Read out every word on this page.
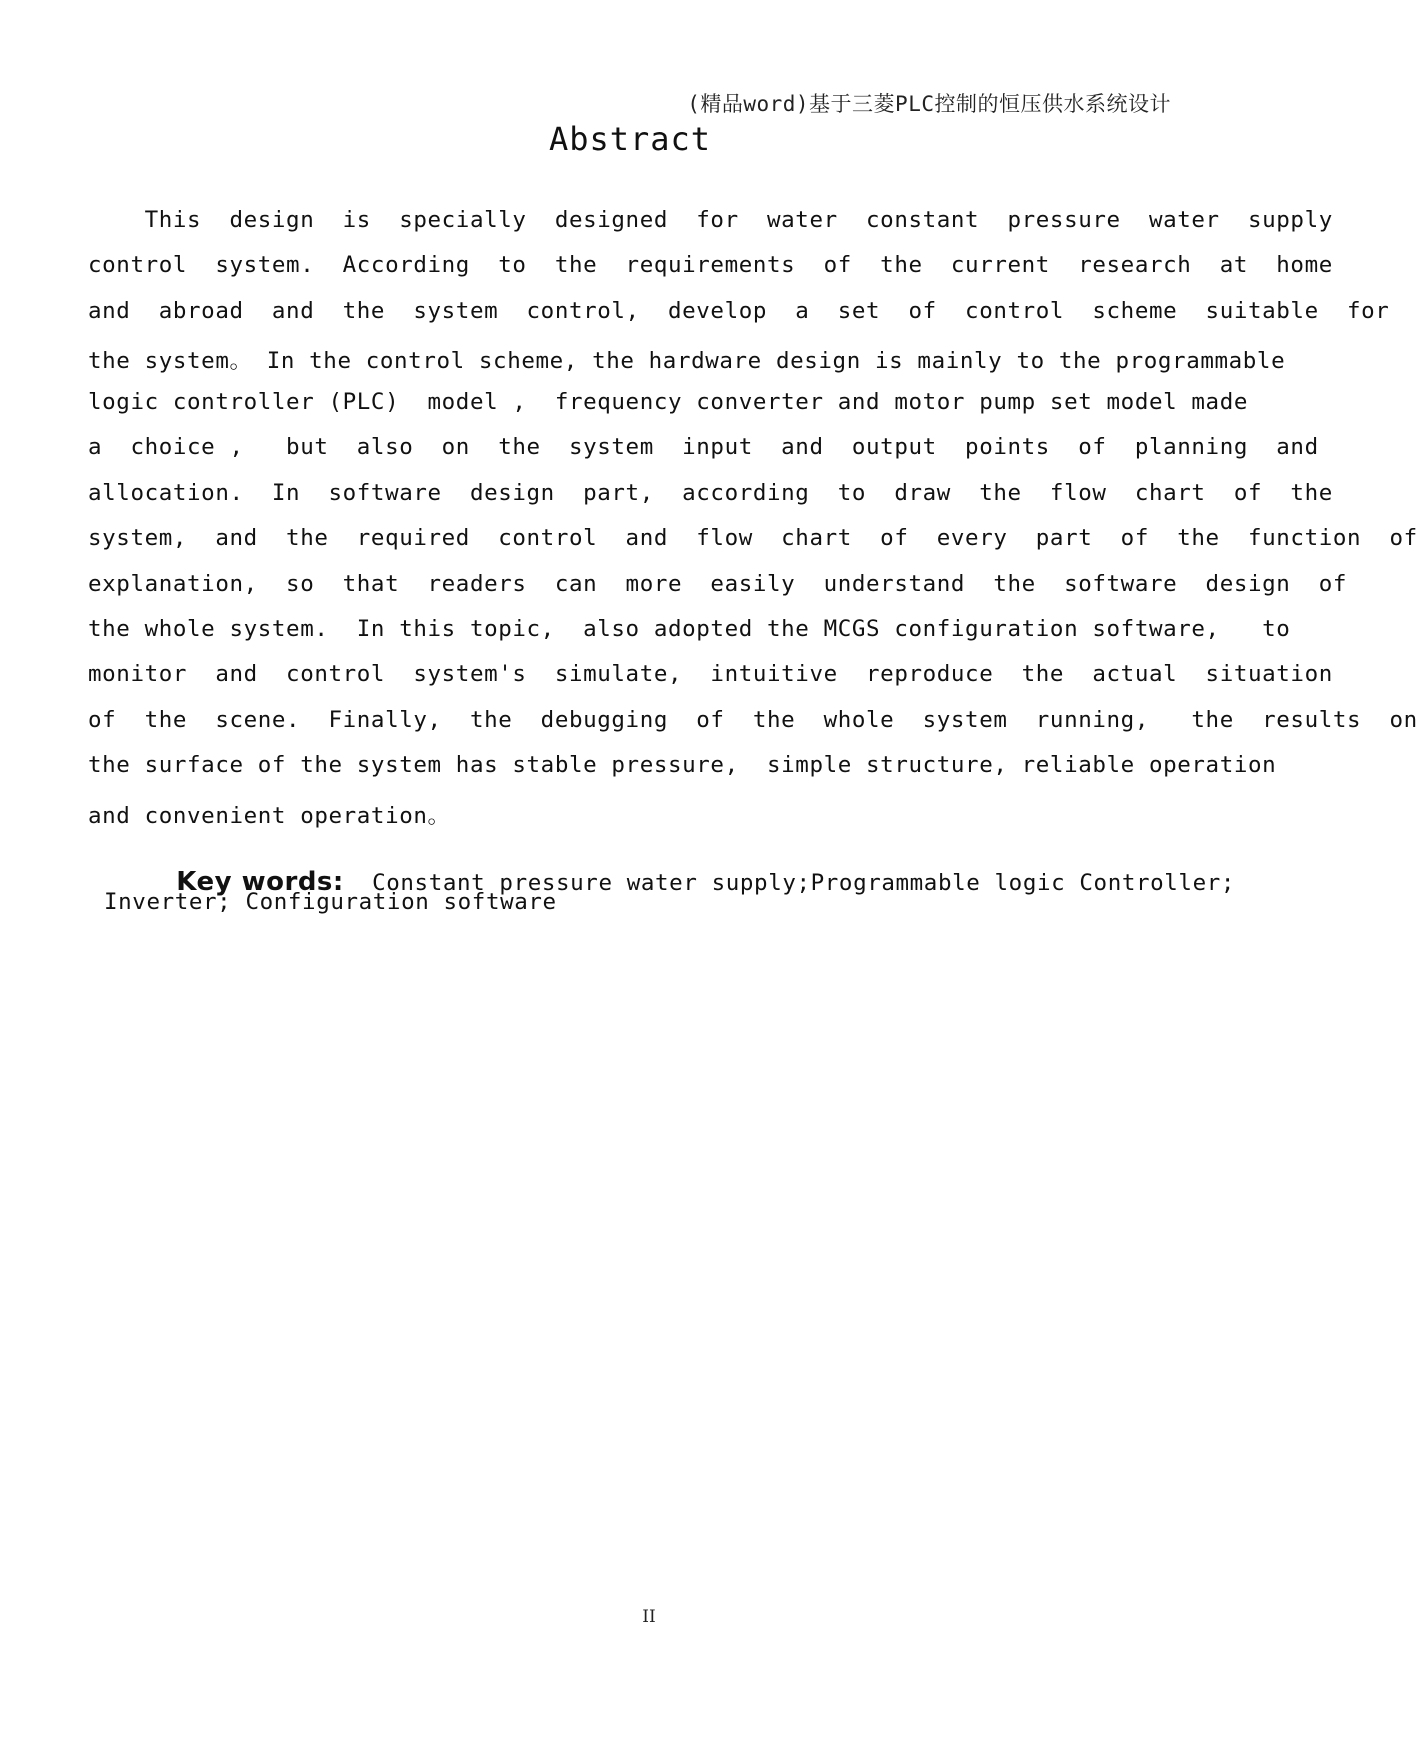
(精品word)基于三菱PLC控制的恒压供水系统设计
Abstract
This  design  is  specially  designed  for  water  constant  pressure  water  supply
control  system.  According  to  the  requirements  of  the  current  research  at  home
and  abroad  and  the  system  control,  develop  a  set  of  control  scheme  suitable  for
the system。 In the control scheme, the hardware design is mainly to the programmable
logic controller (PLC)  model ,  frequency converter and motor pump set model made
a  choice ,   but  also  on  the  system  input  and  output  points  of  planning  and
allocation.  In  software  design  part,  according  to  draw  the  flow  chart  of  the
system,  and  the  required  control  and  flow  chart  of  every  part  of  the  function  of
explanation,  so  that  readers  can  more  easily  understand  the  software  design  of
the whole system.  In this topic,  also adopted the MCGS configuration software,   to
monitor  and  control  system's  simulate,  intuitive  reproduce  the  actual  situation
of  the  scene.  Finally,  the  debugging  of  the  whole  system  running,   the  results  on
the surface of the system has stable pressure,  simple structure, reliable operation
and convenient operation。

Key words:  Constant pressure water supply;Programmable logic Controller;

Inverter; Configuration software
II
